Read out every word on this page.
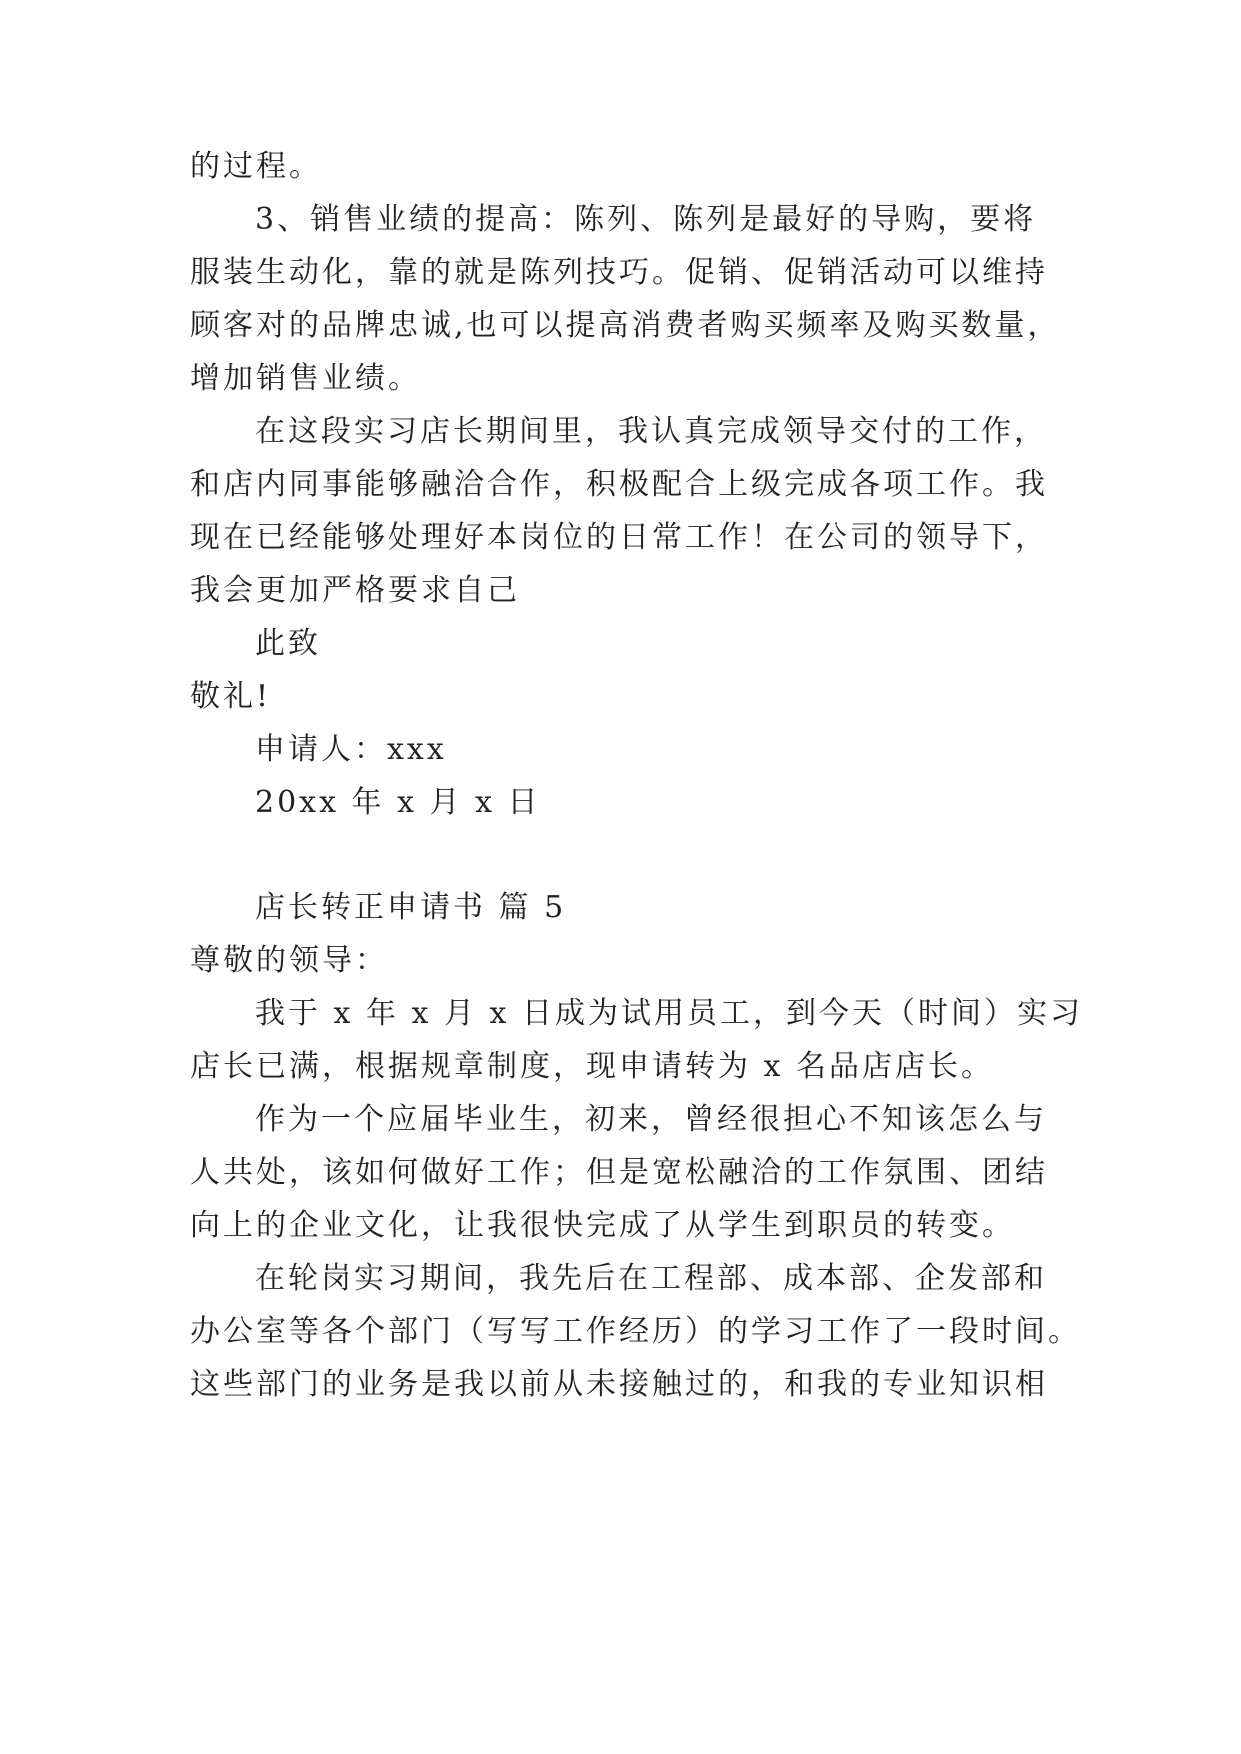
的过程。
3、销售业绩的提高：陈列、陈列是最好的导购，要将
服装生动化，靠的就是陈列技巧。促销、促销活动可以维持
顾客对的品牌忠诚,也可以提高消费者购买频率及购买数量，
增加销售业绩。
在这段实习店长期间里，我认真完成领导交付的工作，
和店内同事能够融洽合作，积极配合上级完成各项工作。我
现在已经能够处理好本岗位的日常工作！在公司的领导下，
我会更加严格要求自己
此致
敬礼!
申请人：xxx
20xx 年 x 月 x 日
店长转正申请书 篇 5
尊敬的领导：
我于 x 年 x 月 x 日成为试用员工，到今天（时间）实习
店长已满，根据规章制度，现申请转为 x 名品店店长。
作为一个应届毕业生，初来，曾经很担心不知该怎么与
人共处，该如何做好工作；但是宽松融洽的工作氛围、团结
向上的企业文化，让我很快完成了从学生到职员的转变。
在轮岗实习期间，我先后在工程部、成本部、企发部和
办公室等各个部门（写写工作经历）的学习工作了一段时间。
这些部门的业务是我以前从未接触过的，和我的专业知识相
